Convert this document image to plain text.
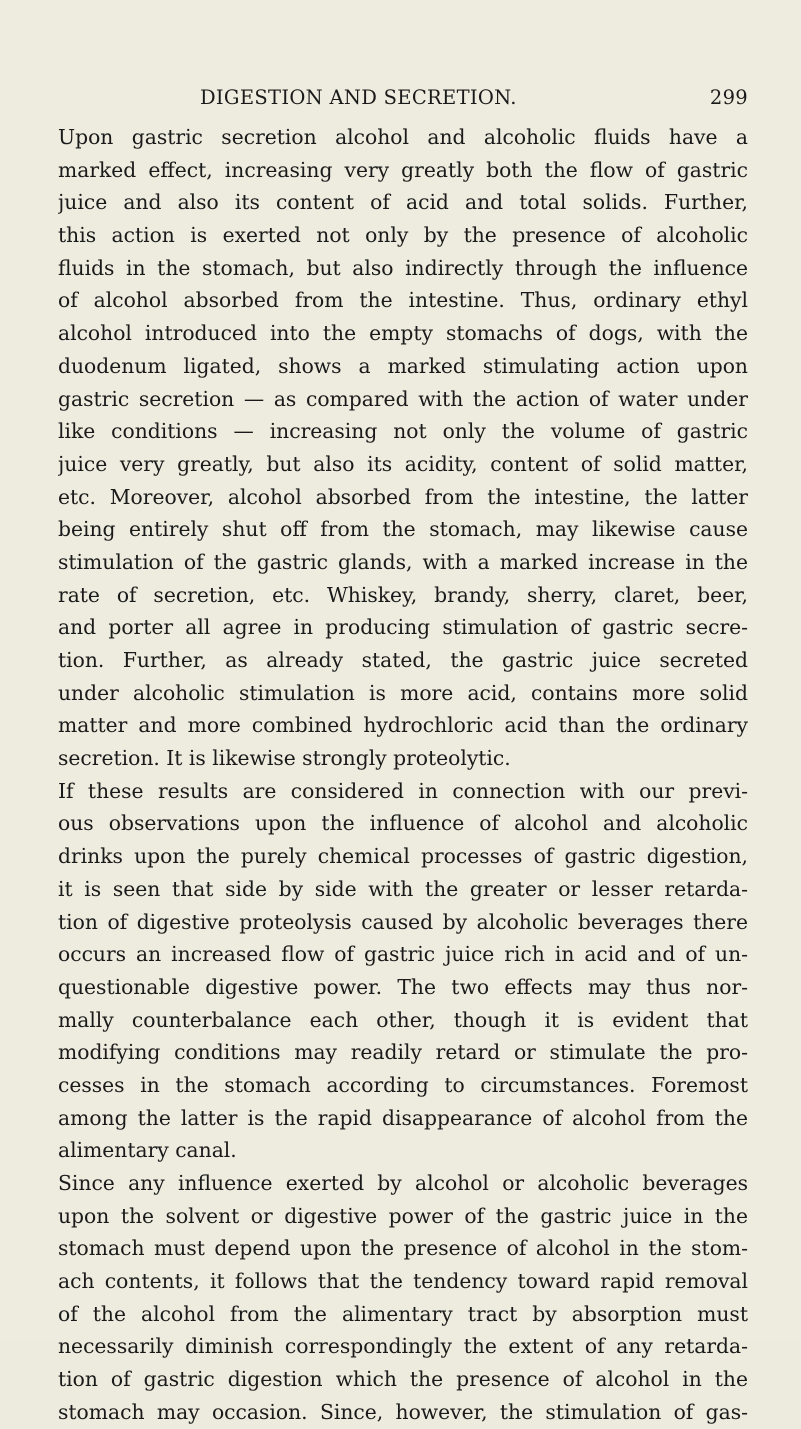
DIGESTION AND SECRETION.	299
Upon gastric secretion alcohol and alcoholic fluids have a
marked effect, increasing very greatly both the flow of gastric
juice and also its content of acid and total solids. Further,
this action is exerted not only by the presence of alcoholic
fluids in the stomach, but also indirectly through the influence
of alcohol absorbed from the intestine. Thus, ordinary ethyl
alcohol introduced into the empty stomachs of dogs, with the
duodenum ligated, shows a marked stimulating action upon
gastric secretion — as compared with the action of water under
like conditions — increasing not only the volume of gastric
juice very greatly, but also its acidity, content of solid matter,
etc. Moreover, alcohol absorbed from the intestine, the latter
being entirely shut off from the stomach, may likewise cause
stimulation of the gastric glands, with a marked increase in the
rate of secretion, etc. Whiskey, brandy, sherry, claret, beer,
and porter all agree in producing stimulation of gastric secre-
tion. Further, as already stated, the gastric juice secreted
under alcoholic stimulation is more acid, contains more solid
matter and more combined hydrochloric acid than the ordinary
secretion. It is likewise strongly proteolytic.
If these results are considered in connection with our previ-
ous observations upon the influence of alcohol and alcoholic
drinks upon the purely chemical processes of gastric digestion,
it is seen that side by side with the greater or lesser retarda-
tion of digestive proteolysis caused by alcoholic beverages there
occurs an increased flow of gastric juice rich in acid and of un-
questionable digestive power. The two effects may thus nor-
mally counterbalance each other, though it is evident that
modifying conditions may readily retard or stimulate the pro-
cesses in the stomach according to circumstances. Foremost
among the latter is the rapid disappearance of alcohol from the
alimentary canal.
Since any influence exerted by alcohol or alcoholic beverages
upon the solvent or digestive power of the gastric juice in the
stomach must depend upon the presence of alcohol in the stom-
ach contents, it follows that the tendency toward rapid removal
of the alcohol from the alimentary tract by absorption must
necessarily diminish correspondingly the extent of any retarda-
tion of gastric digestion which the presence of alcohol in the
stomach may occasion. Since, however, the stimulation of gas-
